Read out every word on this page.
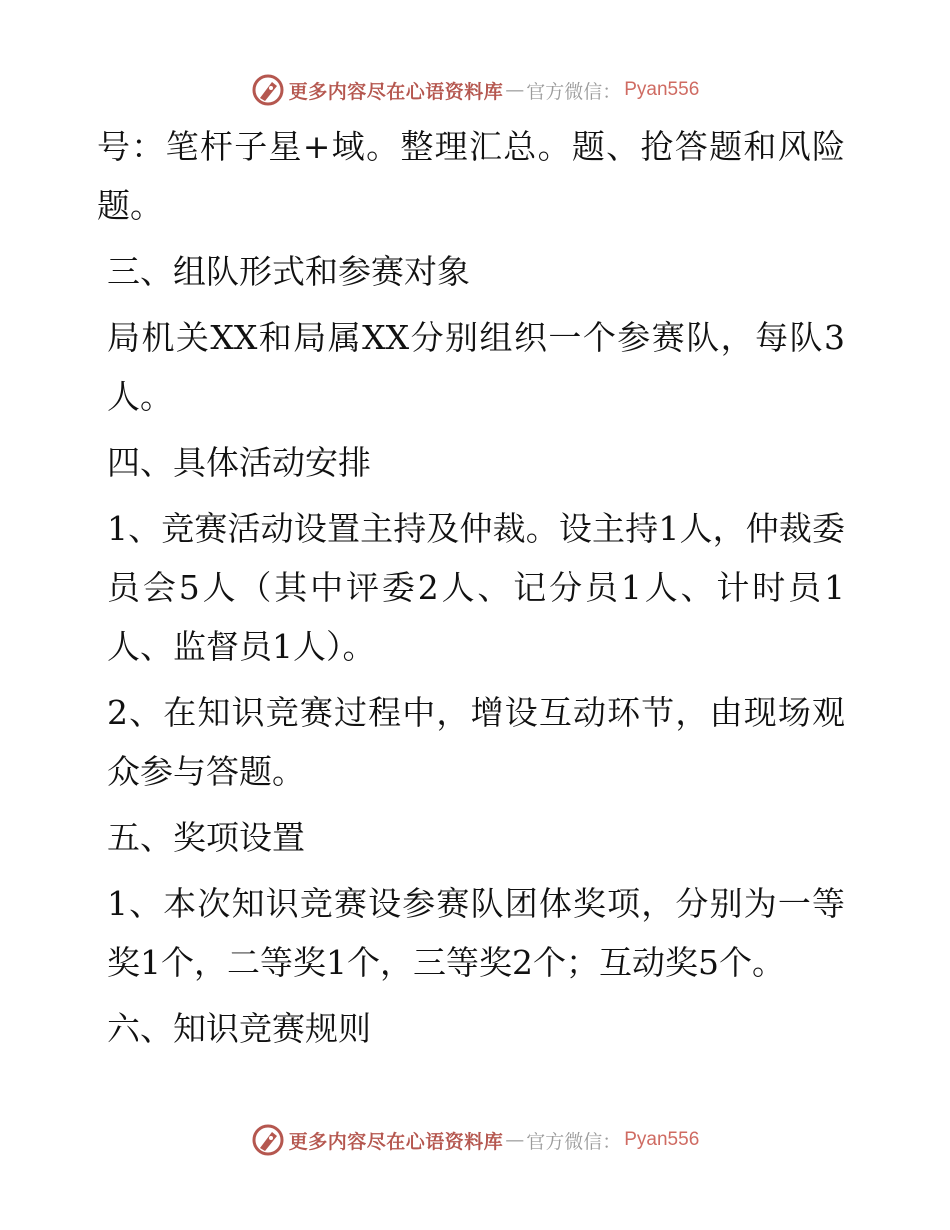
更多内容尽在心语资料库 — 官方微信： Pyan556

号：笔杆子星+域。整理汇总。题、抢答题和风险题。

三、组队形式和参赛对象

局机关XX和局属XX分别组织一个参赛队，每队3人。

四、具体活动安排

1、竞赛活动设置主持及仲裁。设主持1人，仲裁委员会5人（其中评委2人、记分员1人、计时员1人、监督员1人）。

2、在知识竞赛过程中，增设互动环节，由现场观众参与答题。

五、奖项设置

1、本次知识竞赛设参赛队团体奖项，分别为一等奖1个，二等奖1个，三等奖2个；互动奖5个。

六、知识竞赛规则

更多内容尽在心语资料库 — 官方微信： Pyan556
